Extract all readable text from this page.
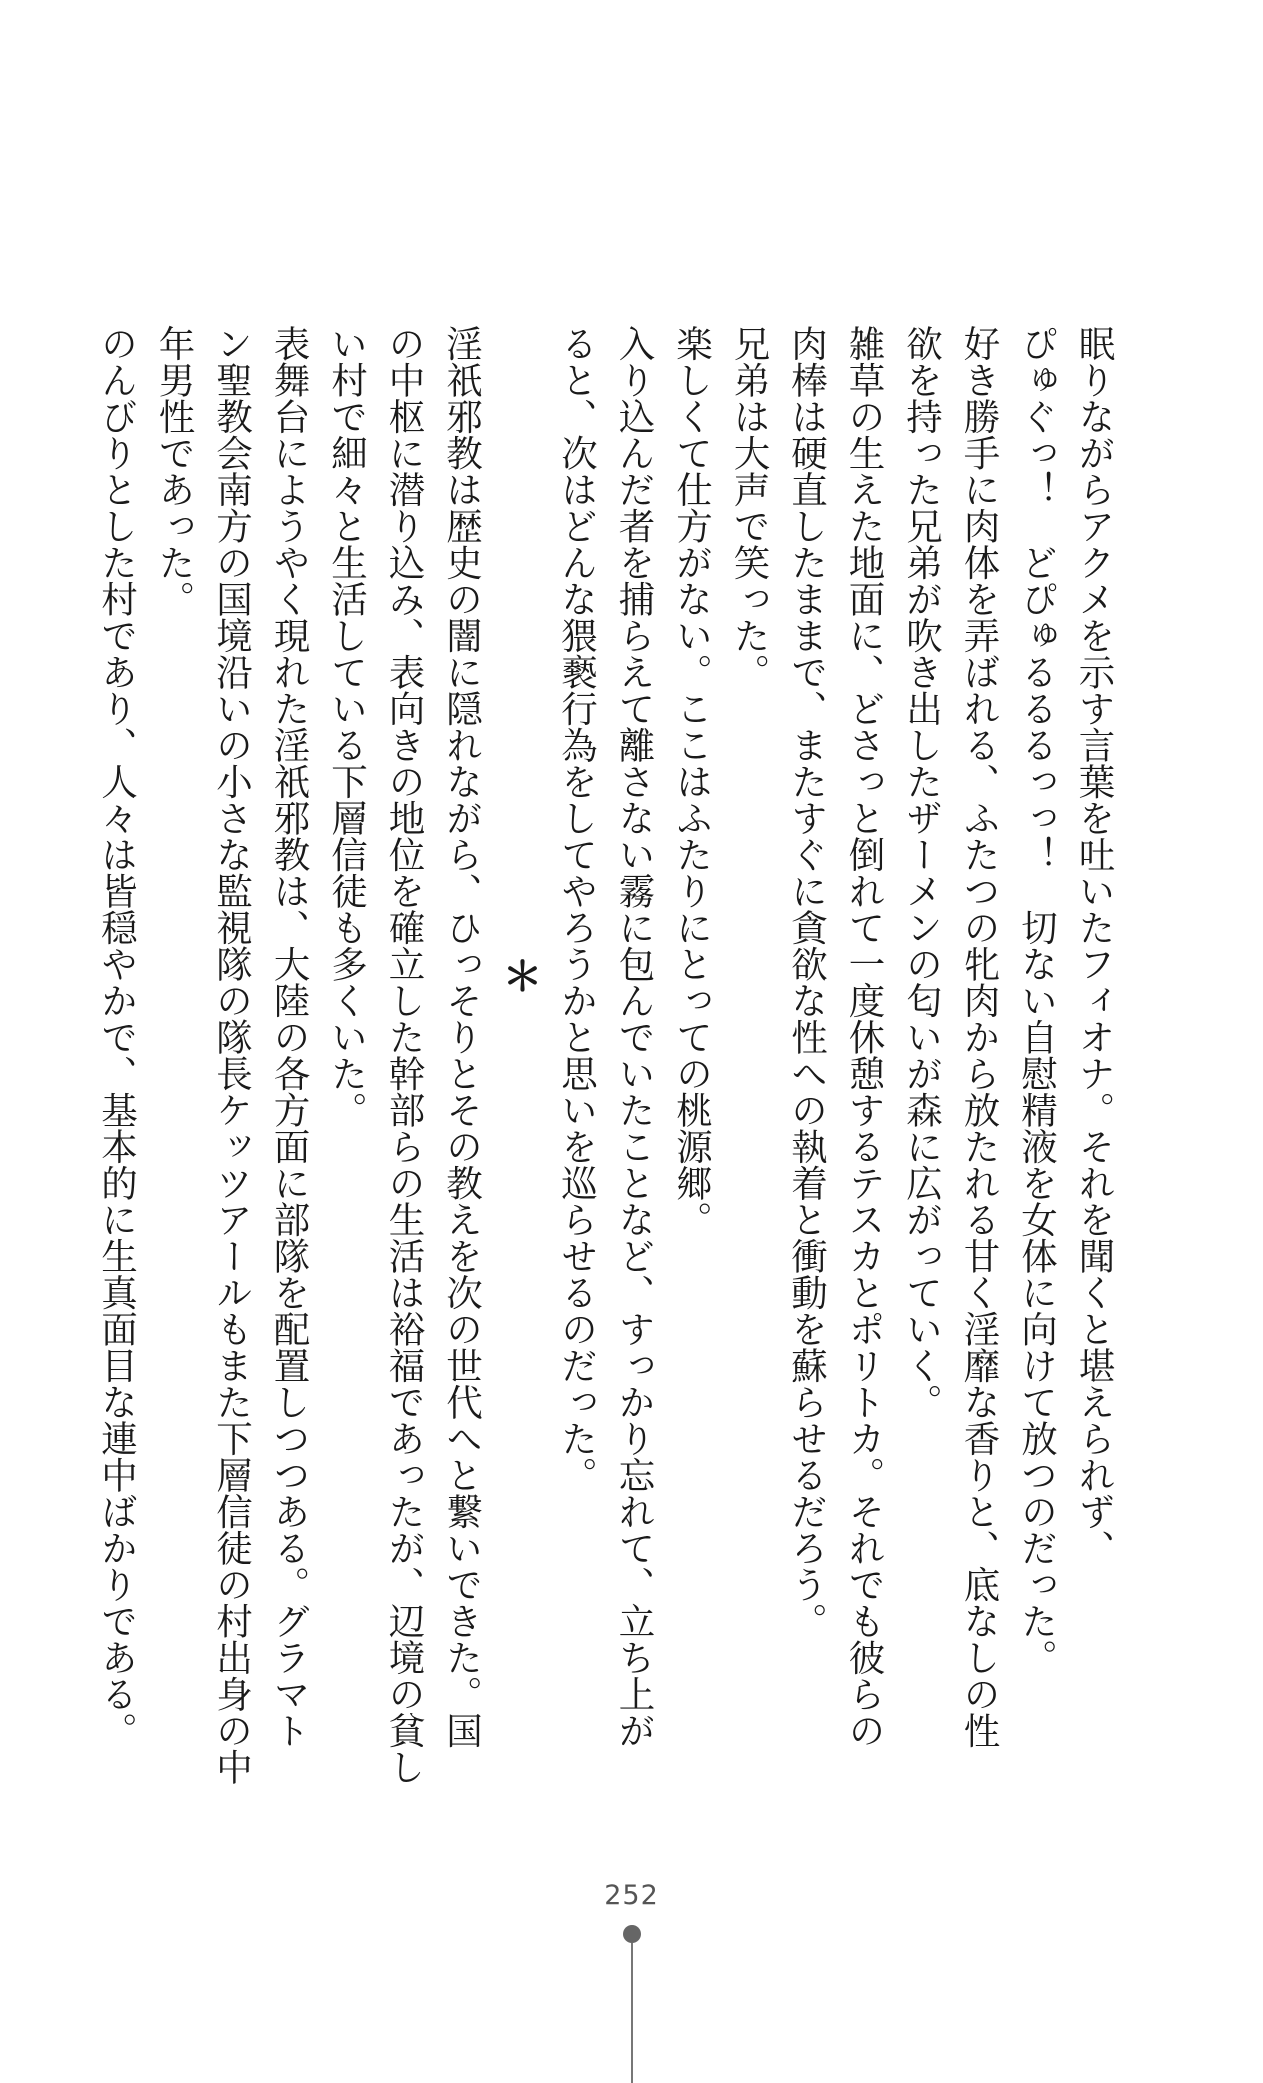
眠りながらアクメを示す言葉を吐いたフィオナ。それを聞くと堪えられず、
ぴゅぐっ！　どぴゅるるるっっ！　切ない自慰精液を女体に向けて放つのだった。
好き勝手に肉体を弄ばれる、ふたつの牝肉から放たれる甘く淫靡な香りと、底なしの性
欲を持った兄弟が吹き出したザーメンの匂いが森に広がっていく。
雑草の生えた地面に、どさっと倒れて一度休憩するテスカとポリトカ。それでも彼らの
肉棒は硬直したままで、またすぐに貪欲な性への執着と衝動を蘇らせるだろう。
兄弟は大声で笑った。
楽しくて仕方がない。ここはふたりにとっての桃源郷。
入り込んだ者を捕らえて離さない霧に包んでいたことなど、すっかり忘れて、立ち上が
ると、次はどんな猥褻行為をしてやろうかと思いを巡らせるのだった。
＊
淫祇邪教は歴史の闇に隠れながら、ひっそりとその教えを次の世代へと繋いできた。国
の中枢に潜り込み、表向きの地位を確立した幹部らの生活は裕福であったが、辺境の貧し
い村で細々と生活している下層信徒も多くいた。
表舞台にようやく現れた淫祇邪教は、大陸の各方面に部隊を配置しつつある。グラマト
ン聖教会南方の国境沿いの小さな監視隊の隊長ケッツアールもまた下層信徒の村出身の中
年男性であった。
のんびりとした村であり、人々は皆穏やかで、基本的に生真面目な連中ばかりである。
252
